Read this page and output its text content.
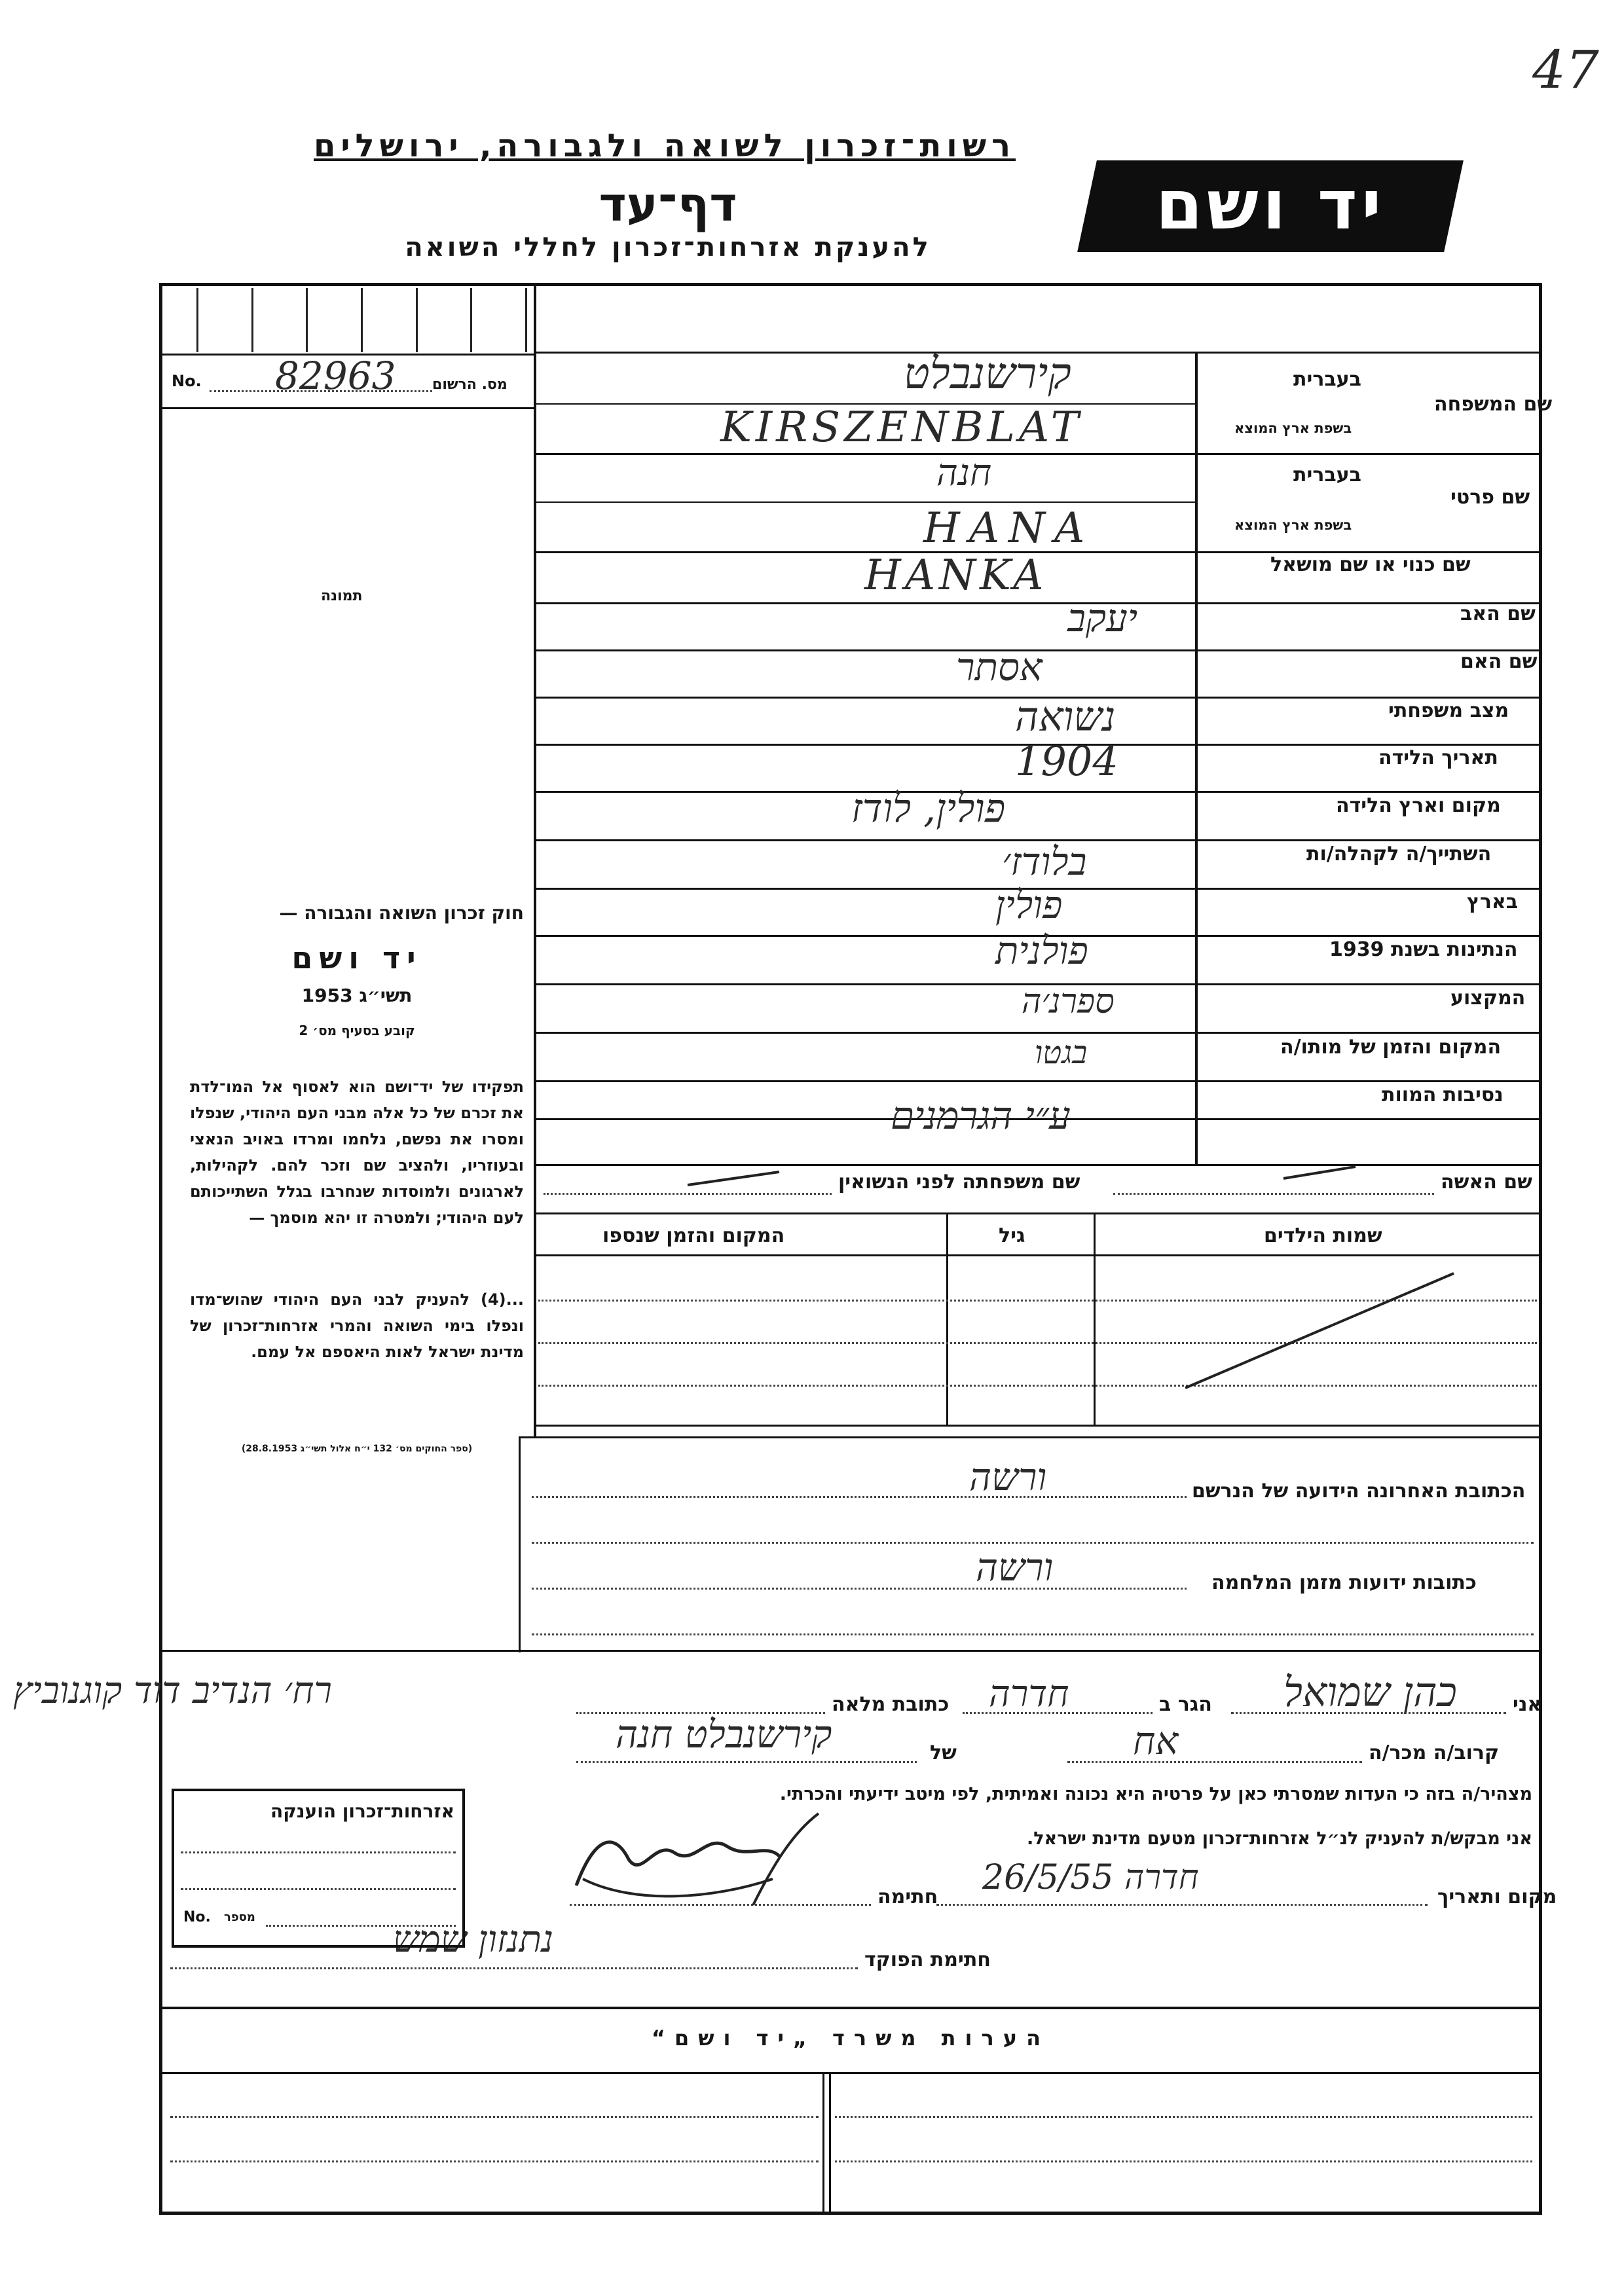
47
רשות־זכרון לשואה ולגבורה, ירושלים
דף־עד
להענקת אזרחות־זכרון לחללי השואה
יד ושם
No. 82963	מס. הרשום
תמונה
שם המשפחה
בעברית
בשפת ארץ המוצא
קירשנבלט
KIRSZENBLAT
שם פרטי
בעברית
בשפת ארץ המוצא
חנה
HANA
שם כנוי או שם מושאל
HANKA
שם האב
יעקב
שם האם
אסתר
מצב משפחתי
נשואה
תאריך הלידה
1904
מקום וארץ הלידה
פולין, לודז
השתייך/ה לקהלה/ות
בלודז׳
בארץ
פולין
הנתינות בשנת 1939
פולנית
המקצוע
ספרנ׳ה
המקום והזמן של מותו/ה
בגטו
נסיבות המוות
ע״י הגרמנים
שם האשה
שם משפחתה לפני הנשואין
שמות הילדים
גיל
המקום והזמן שנספו
חוק זכרון השואה והגבורה —
יד ושם
תשי״ג 1953
קובע בסעיף מס׳ 2
תפקידו של יד־ושם הוא לאסוף אל המו־לדת את זכרם של כל אלה מבני העם היהודי, שנפלו ומסרו את נפשם, נלחמו ומרדו באויב הנאצי ובעוזריו, ולהציב שם וזכר להם. לקהילות, לארגונים ולמוסדות שנחרבו בגלל השתייכותם לעם היהודי; ולמטרה זו יהא מוסמך —
...(4) להעניק לבני העם היהודי שהוש־מדו ונפלו בימי השואה והמרי אזרחות־זכרון של מדינת ישראל לאות היאספם אל עמם.
(ספר החוקים מס׳ 132 י״ח אלול תשי״ג 28.8.1953)
הכתובת האחרונה הידועה של הנרשם
ורשה
כתובות ידועות מזמן המלחמה
ורשה
אני
כהן שמואל
הגר ב
חדרה
כתובת מלאה
רח׳ הנדיב דוד קוגנוביץ
קרוב/ה מכר/ה
אח
של
קירשנבלט חנה
מצהיר/ה בזה כי העדות שמסרתי כאן על פרטיה היא נכונה ואמיתית, לפי מיטב ידיעתי והכרתי.
אני מבקש/ת להעניק לנ״ל אזרחות־זכרון מטעם מדינת ישראל.
מקום ותאריך
חדרה 26/5/55
חתימה
חתימת הפוקד
נתנזון שמש
אזרחות־זכרון הוענקה
No. מספר
הערות משרד „יד ושם“
